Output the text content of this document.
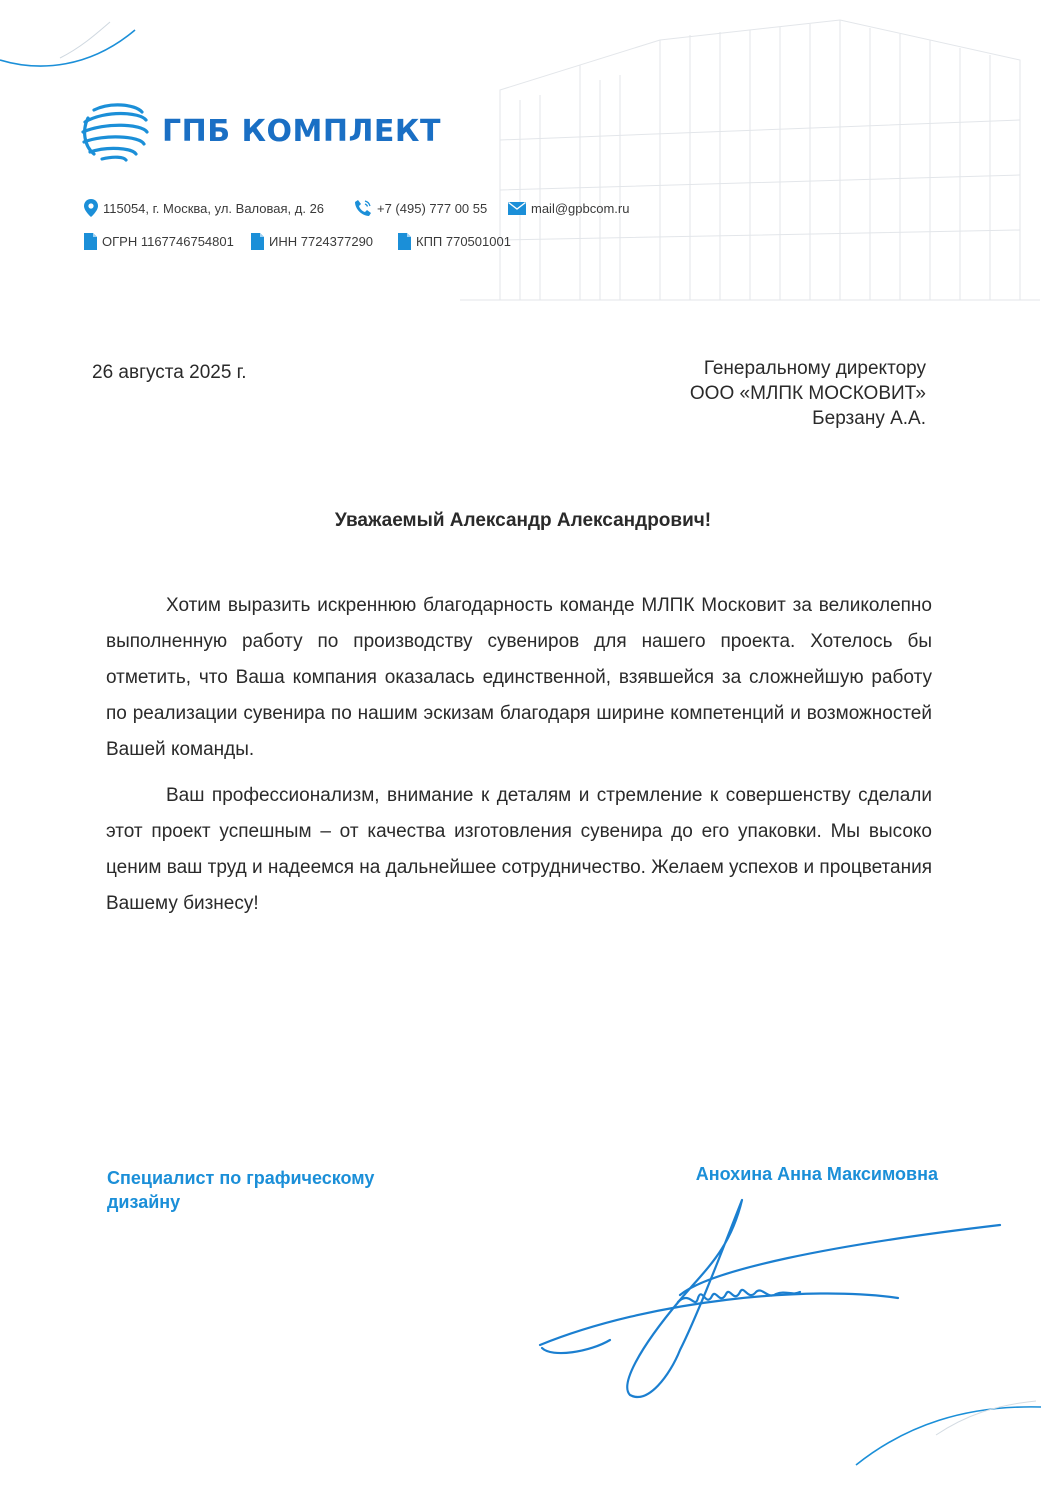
ГПБ КОМПЛЕКТ
115054, г. Москва, ул. Валовая, д. 26	+7 (495) 777 00 55	mail@gpbcom.ru
ОГРН 1167746754801	ИНН 7724377290	КПП 770501001
26 августа 2025 г.	Генеральному директору
ООО «МЛПК МОСКОВИТ»
Берзану А.А.
Уважаемый Александр Александрович!

Хотим выразить искреннюю благодарность команде МЛПК Московит за великолепно выполненную работу по производству сувениров для нашего проекта. Хотелось бы отметить, что Ваша компания оказалась единственной, взявшейся за сложнейшую работу по реализации сувенира по нашим эскизам благодаря ширине компетенций и возможностей Вашей команды.

Ваш профессионализм, внимание к деталям и стремление к совершенству сделали этот проект успешным – от качества изготовления сувенира до его упаковки. Мы высоко ценим ваш труд и надеемся на дальнейшее сотрудничество. Желаем успехов и процветания Вашему бизнесу!

Специалист по графическому дизайну
Анохина Анна Максимовна
